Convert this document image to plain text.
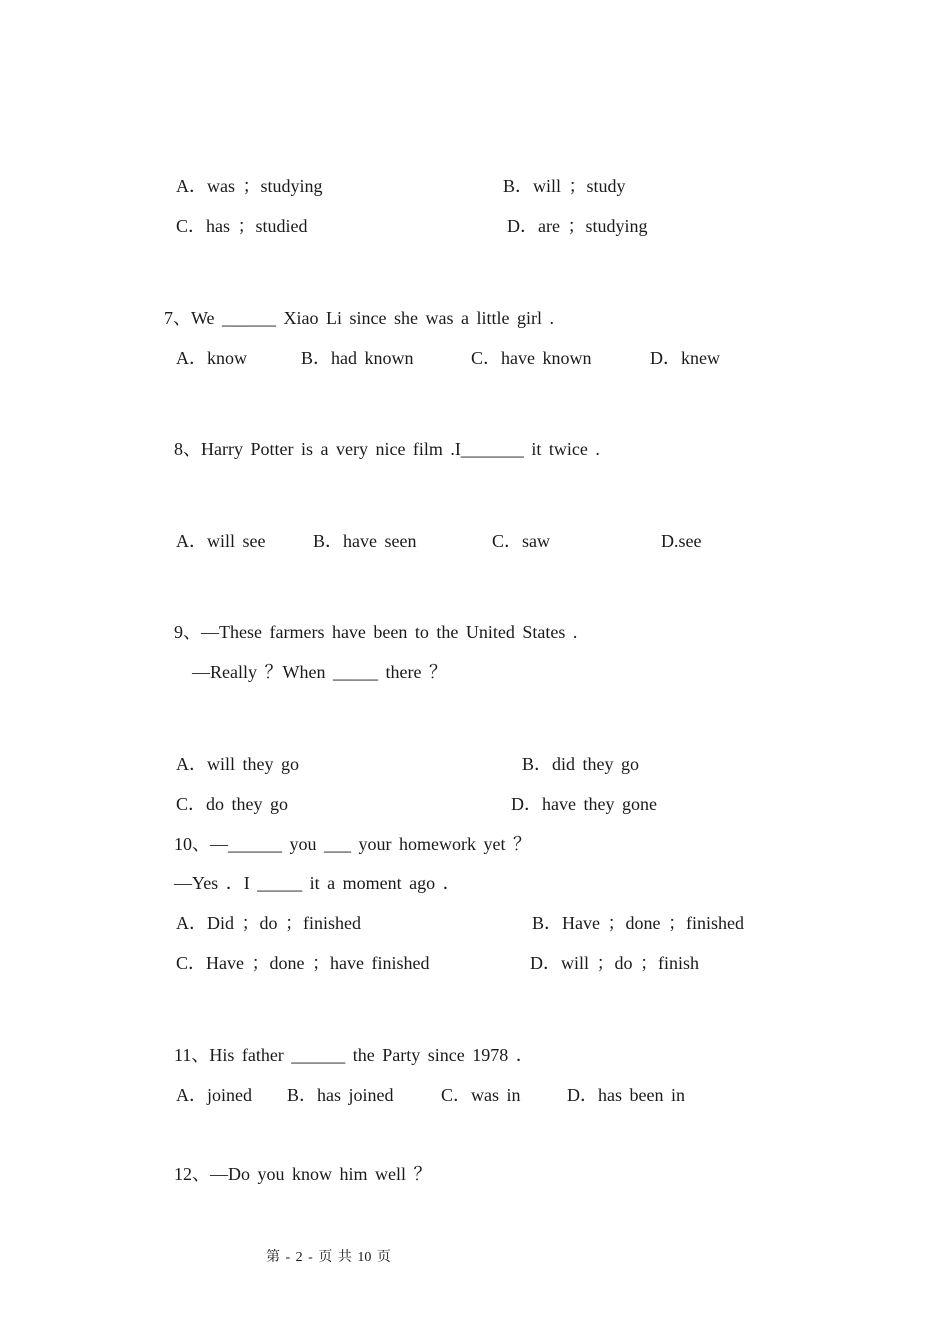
A．was ；studying	B．will ；study
C．has ；studied	D．are ；studying
7、We ______ Xiao Li since she was a little girl .
A．know	B．had known	C．have known	D．knew
8、Harry Potter is a very nice film .I_______ it twice .
A．will see	B．have seen	C．saw	D.see
9、—These farmers have been to the United States .
—Really ？When _____ there ？
A．will they go	B．did they go
C．do they go	D．have they gone
10、—______ you ___ your homework yet ？
—Yes ．I _____ it a moment ago ．
A．Did ；do ；finished	B．Have ；done ；finished
C．Have ；done ；have finished	D．will ；do ；finish
11、His father ______ the Party since 1978 ．
A．joined B．has joined	C．was in	D．has been in
12、—Do you know him well ？
第 - 2 - 页 共 10 页
